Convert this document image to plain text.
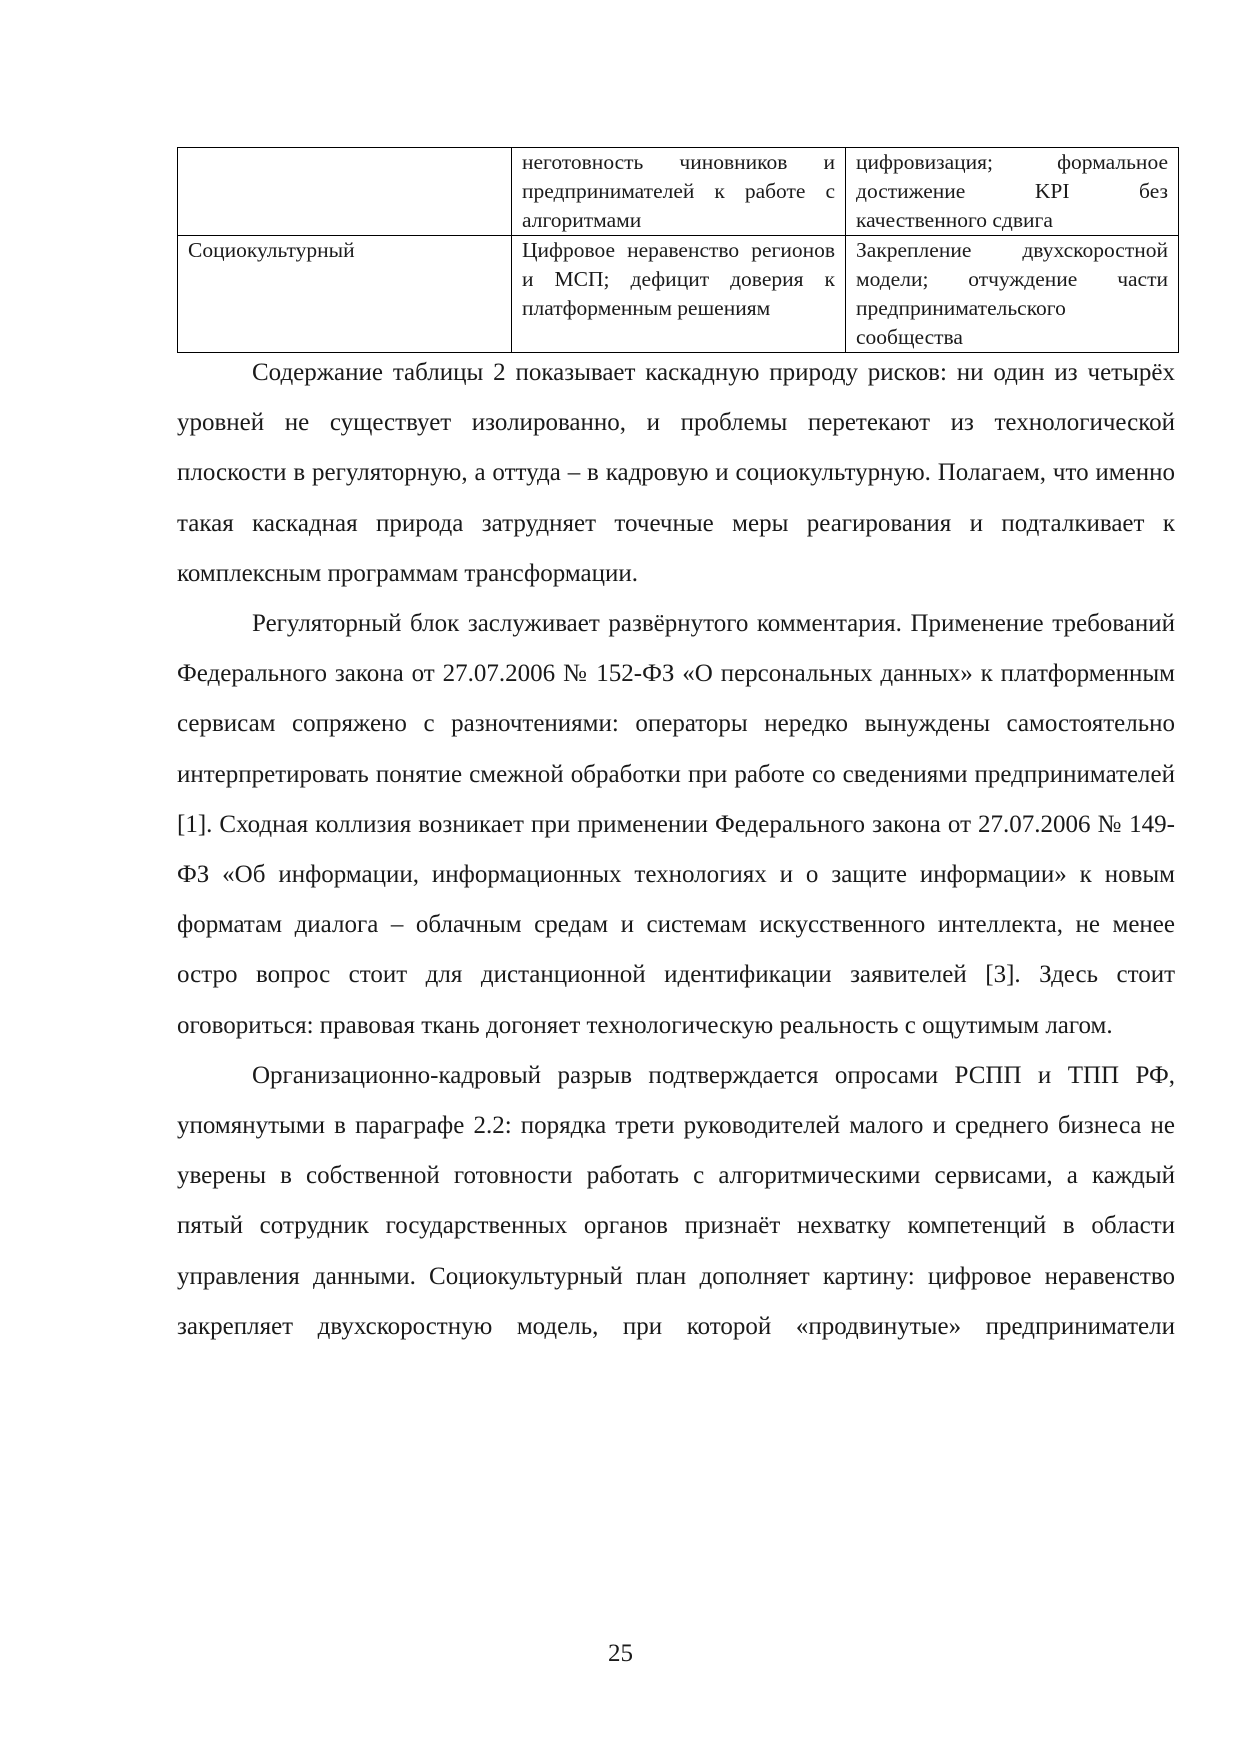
	неготовность чиновников и предпринимателей к работе с алгоритмами	цифровизация; формальное достижение KPI без качественного сдвига
Социокультурный	Цифровое неравенство регионов и МСП; дефицит доверия к платформенным решениям	Закрепление двухскоростной модели; отчуждение части предпринимательского сообщества

Содержание таблицы 2 показывает каскадную природу рисков: ни один из четырёх уровней не существует изолированно, и проблемы перетекают из технологической плоскости в регуляторную, а оттуда – в кадровую и социокультурную. Полагаем, что именно такая каскадная природа затрудняет точечные меры реагирования и подталкивает к комплексным программам трансформации.

Регуляторный блок заслуживает развёрнутого комментария. Применение требований Федерального закона от 27.07.2006 № 152-ФЗ «О персональных данных» к платформенным сервисам сопряжено с разночтениями: операторы нередко вынуждены самостоятельно интерпретировать понятие смежной обработки при работе со сведениями предпринимателей [1]. Сходная коллизия возникает при применении Федерального закона от 27.07.2006 № 149-ФЗ «Об информации, информационных технологиях и о защите информации» к новым форматам диалога – облачным средам и системам искусственного интеллекта, не менее остро вопрос стоит для дистанционной идентификации заявителей [3]. Здесь стоит оговориться: правовая ткань догоняет технологическую реальность с ощутимым лагом.

Организационно-кадровый разрыв подтверждается опросами РСПП и ТПП РФ, упомянутыми в параграфе 2.2: порядка трети руководителей малого и среднего бизнеса не уверены в собственной готовности работать с алгоритмическими сервисами, а каждый пятый сотрудник государственных органов признаёт нехватку компетенций в области управления данными. Социокультурный план дополняет картину: цифровое неравенство закрепляет двухскоростную модель, при которой «продвинутые» предприниматели

25
